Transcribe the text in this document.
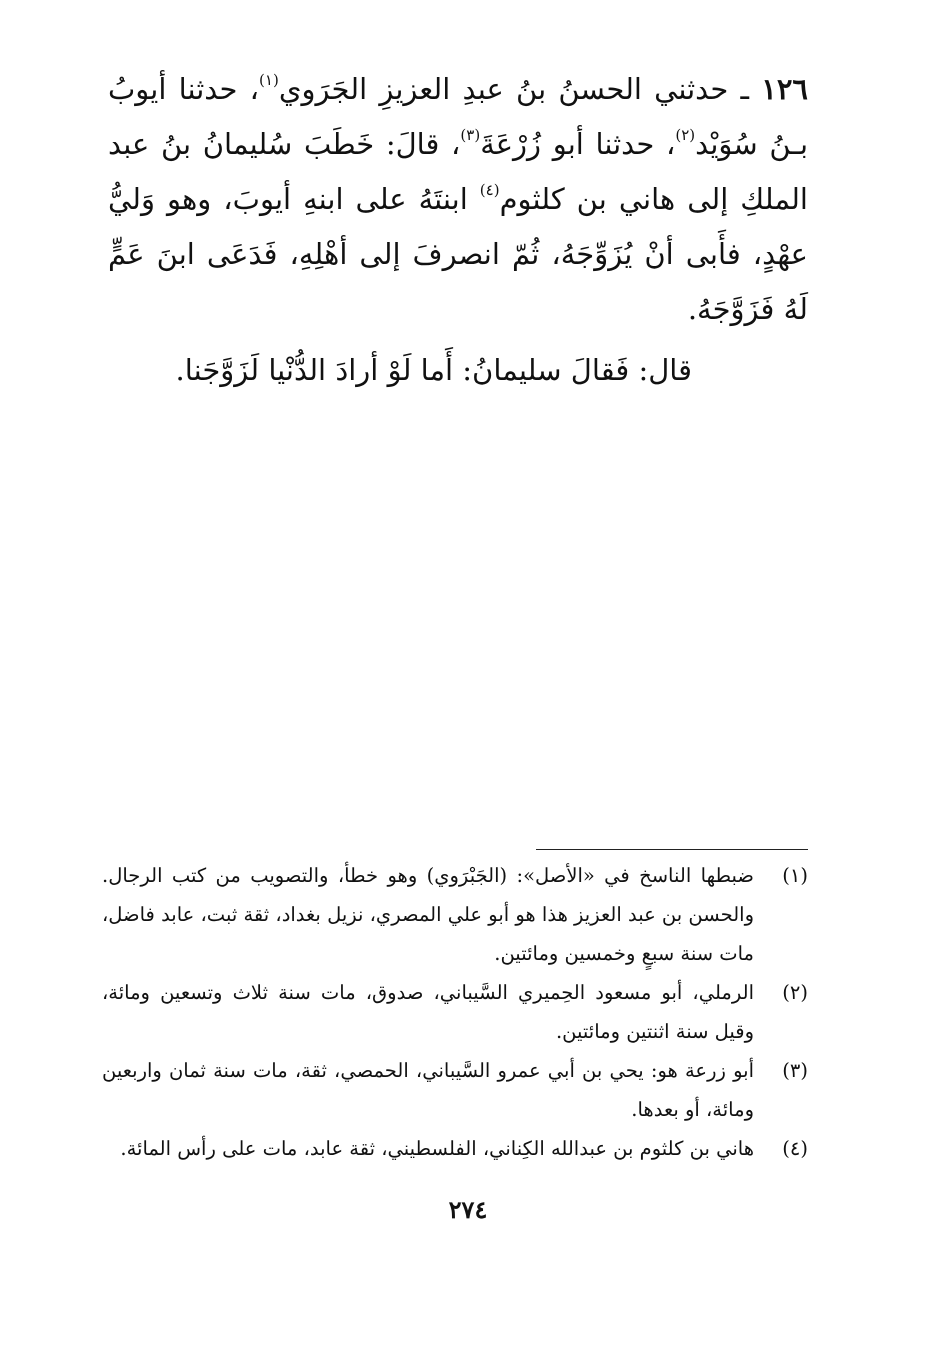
١٢٦ ـ حدثني الحسنُ بنُ عبدِ العزيزِ الجَرَوي$^{(١)}$، حدثنا أيوبُ بـنُ سُوَيْد$^{(٢)}$، حدثنا أبو زُرْعَةَ$^{(٣)}$، قالَ: خَطَبَ سُليمانُ بنُ عبد الملكِ إلى هاني بن كلثوم$^{(٤)}$ ابنتَهُ على ابنهِ أيوبَ، وهو وَليُّ عهْدٍ، فأَبى أنْ يُزَوِّجَهُ، ثُمّ انصرفَ إلى أهْلِهِ، فَدَعَى ابنَ عَمٍّ لَهُ فَزَوَّجَهُ.

قال: فَقالَ سليمانُ: أَما لَوْ أرادَ الدُّنْيا لَزَوَّجَنا.
(١)
ضبطها الناسخ في «الأصل»: (الجَبْرَوي) وهو خطأ، والتصويب من كتب الرجال. والحسن بن عبد العزيز هذا هو أبو علي المصري، نزيل بغداد، ثقة ثبت، عابد فاضل، مات سنة سبعٍ وخمسين ومائتين.
(٢)
الرملي، أبو مسعود الحِميري السَّيباني، صدوق، مات سنة ثلاث وتسعين ومائة، وقيل سنة اثنتين ومائتين.
(٣)
أبو زرعة هو: يحي بن أبي عمرو السَّيباني، الحمصي، ثقة، مات سنة ثمان واربعين ومائة، أو بعدها.
(٤)
هاني بن كلثوم بن عبدالله الكِناني، الفلسطيني، ثقة عابد، مات على رأس المائة.
٢٧٤
